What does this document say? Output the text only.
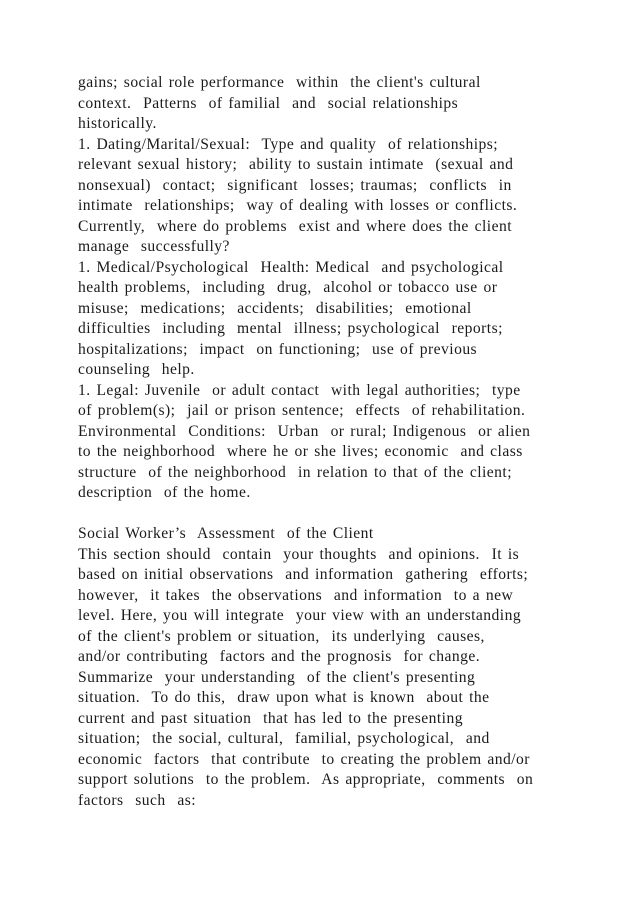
gains; social role performance  within  the client's cultural
context.  Patterns  of familial  and  social relationships
historically.
1. Dating/Marital/Sexual:  Type and quality  of relationships;
relevant sexual history;  ability to sustain intimate  (sexual and
nonsexual)  contact;  significant  losses; traumas;  conflicts  in
intimate  relationships;  way of dealing with losses or conflicts.
Currently,  where do problems  exist and where does the client
manage  successfully?
1. Medical/Psychological  Health: Medical  and psychological
health problems,  including  drug,  alcohol or tobacco use or
misuse;  medications;  accidents;  disabilities;  emotional
difficulties  including  mental  illness; psychological  reports;
hospitalizations;  impact  on functioning;  use of previous
counseling  help.
1. Legal: Juvenile  or adult contact  with legal authorities;  type
of problem(s);  jail or prison sentence;  effects  of rehabilitation.
Environmental  Conditions:  Urban  or rural; Indigenous  or alien
to the neighborhood  where he or she lives; economic  and class
structure  of the neighborhood  in relation to that of the client;
description  of the home.
Social Worker’s  Assessment  of the Client
This section should  contain  your thoughts  and opinions.  It is
based on initial observations  and information  gathering  efforts;
however,  it takes  the observations  and information  to a new
level. Here, you will integrate  your view with an understanding
of the client's problem or situation,  its underlying  causes,
and/or contributing  factors and the prognosis  for change.
Summarize  your understanding  of the client's presenting
situation.  To do this,  draw upon what is known  about the
current and past situation  that has led to the presenting
situation;  the social, cultural,  familial, psychological,  and
economic  factors  that contribute  to creating the problem and/or
support solutions  to the problem.  As appropriate,  comments  on
factors  such  as:
